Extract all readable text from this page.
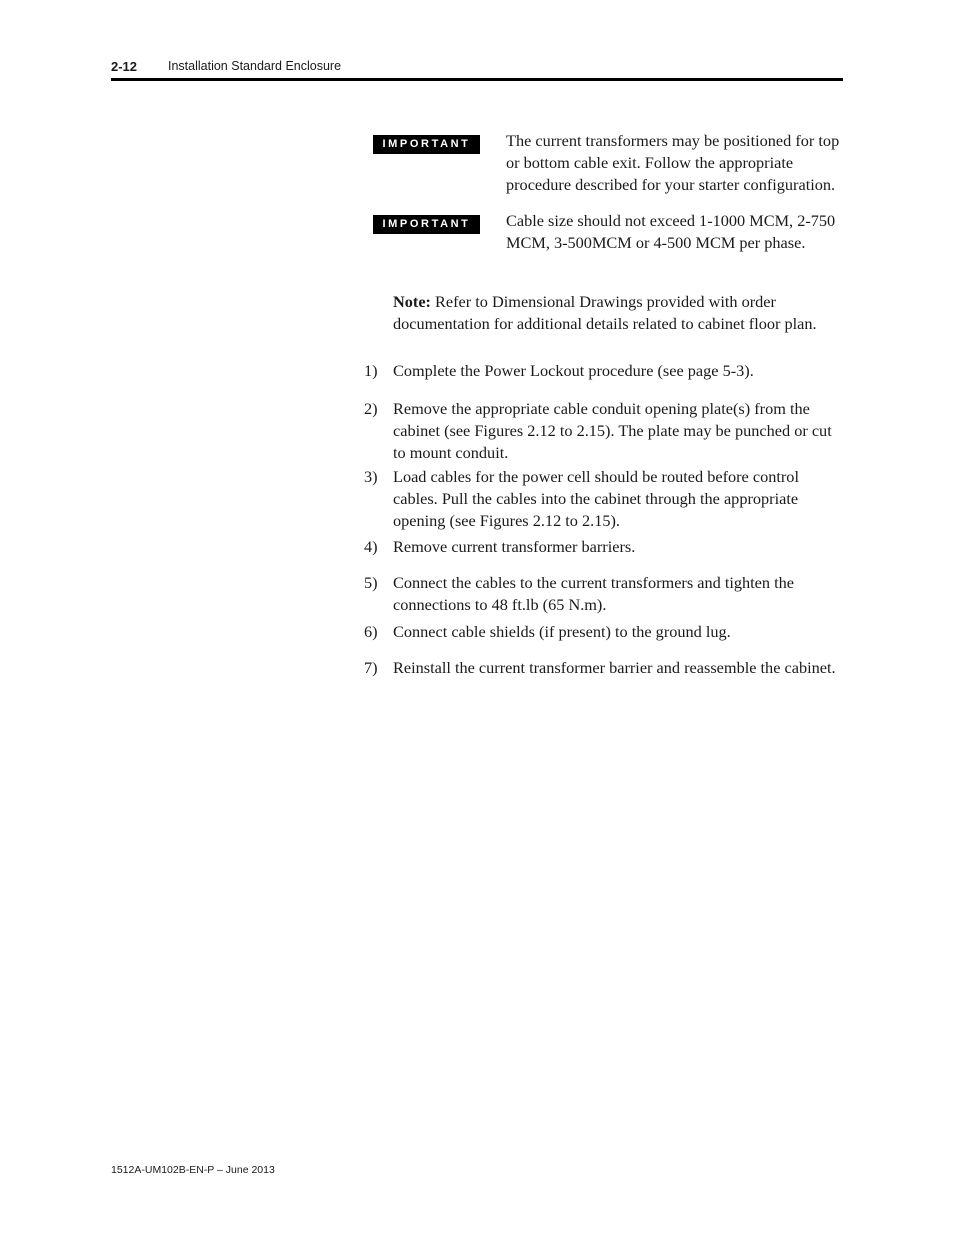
2-12 Installation Standard Enclosure
IMPORTANT	The current transformers may be positioned for top or bottom cable exit. Follow the appropriate procedure described for your starter configuration.
IMPORTANT	Cable size should not exceed 1-1000 MCM, 2-750 MCM, 3-500MCM or 4-500 MCM per phase.
Note: Refer to Dimensional Drawings provided with order documentation for additional details related to cabinet floor plan.
1) Complete the Power Lockout procedure (see page 5-3).
2) Remove the appropriate cable conduit opening plate(s) from the cabinet (see Figures 2.12 to 2.15). The plate may be punched or cut to mount conduit.
3) Load cables for the power cell should be routed before control cables. Pull the cables into the cabinet through the appropriate opening (see Figures 2.12 to 2.15).
4) Remove current transformer barriers.
5) Connect the cables to the current transformers and tighten the connections to 48 ft.lb (65 N.m).
6) Connect cable shields (if present) to the ground lug.
7) Reinstall the current transformer barrier and reassemble the cabinet.
1512A-UM102B-EN-P – June 2013
